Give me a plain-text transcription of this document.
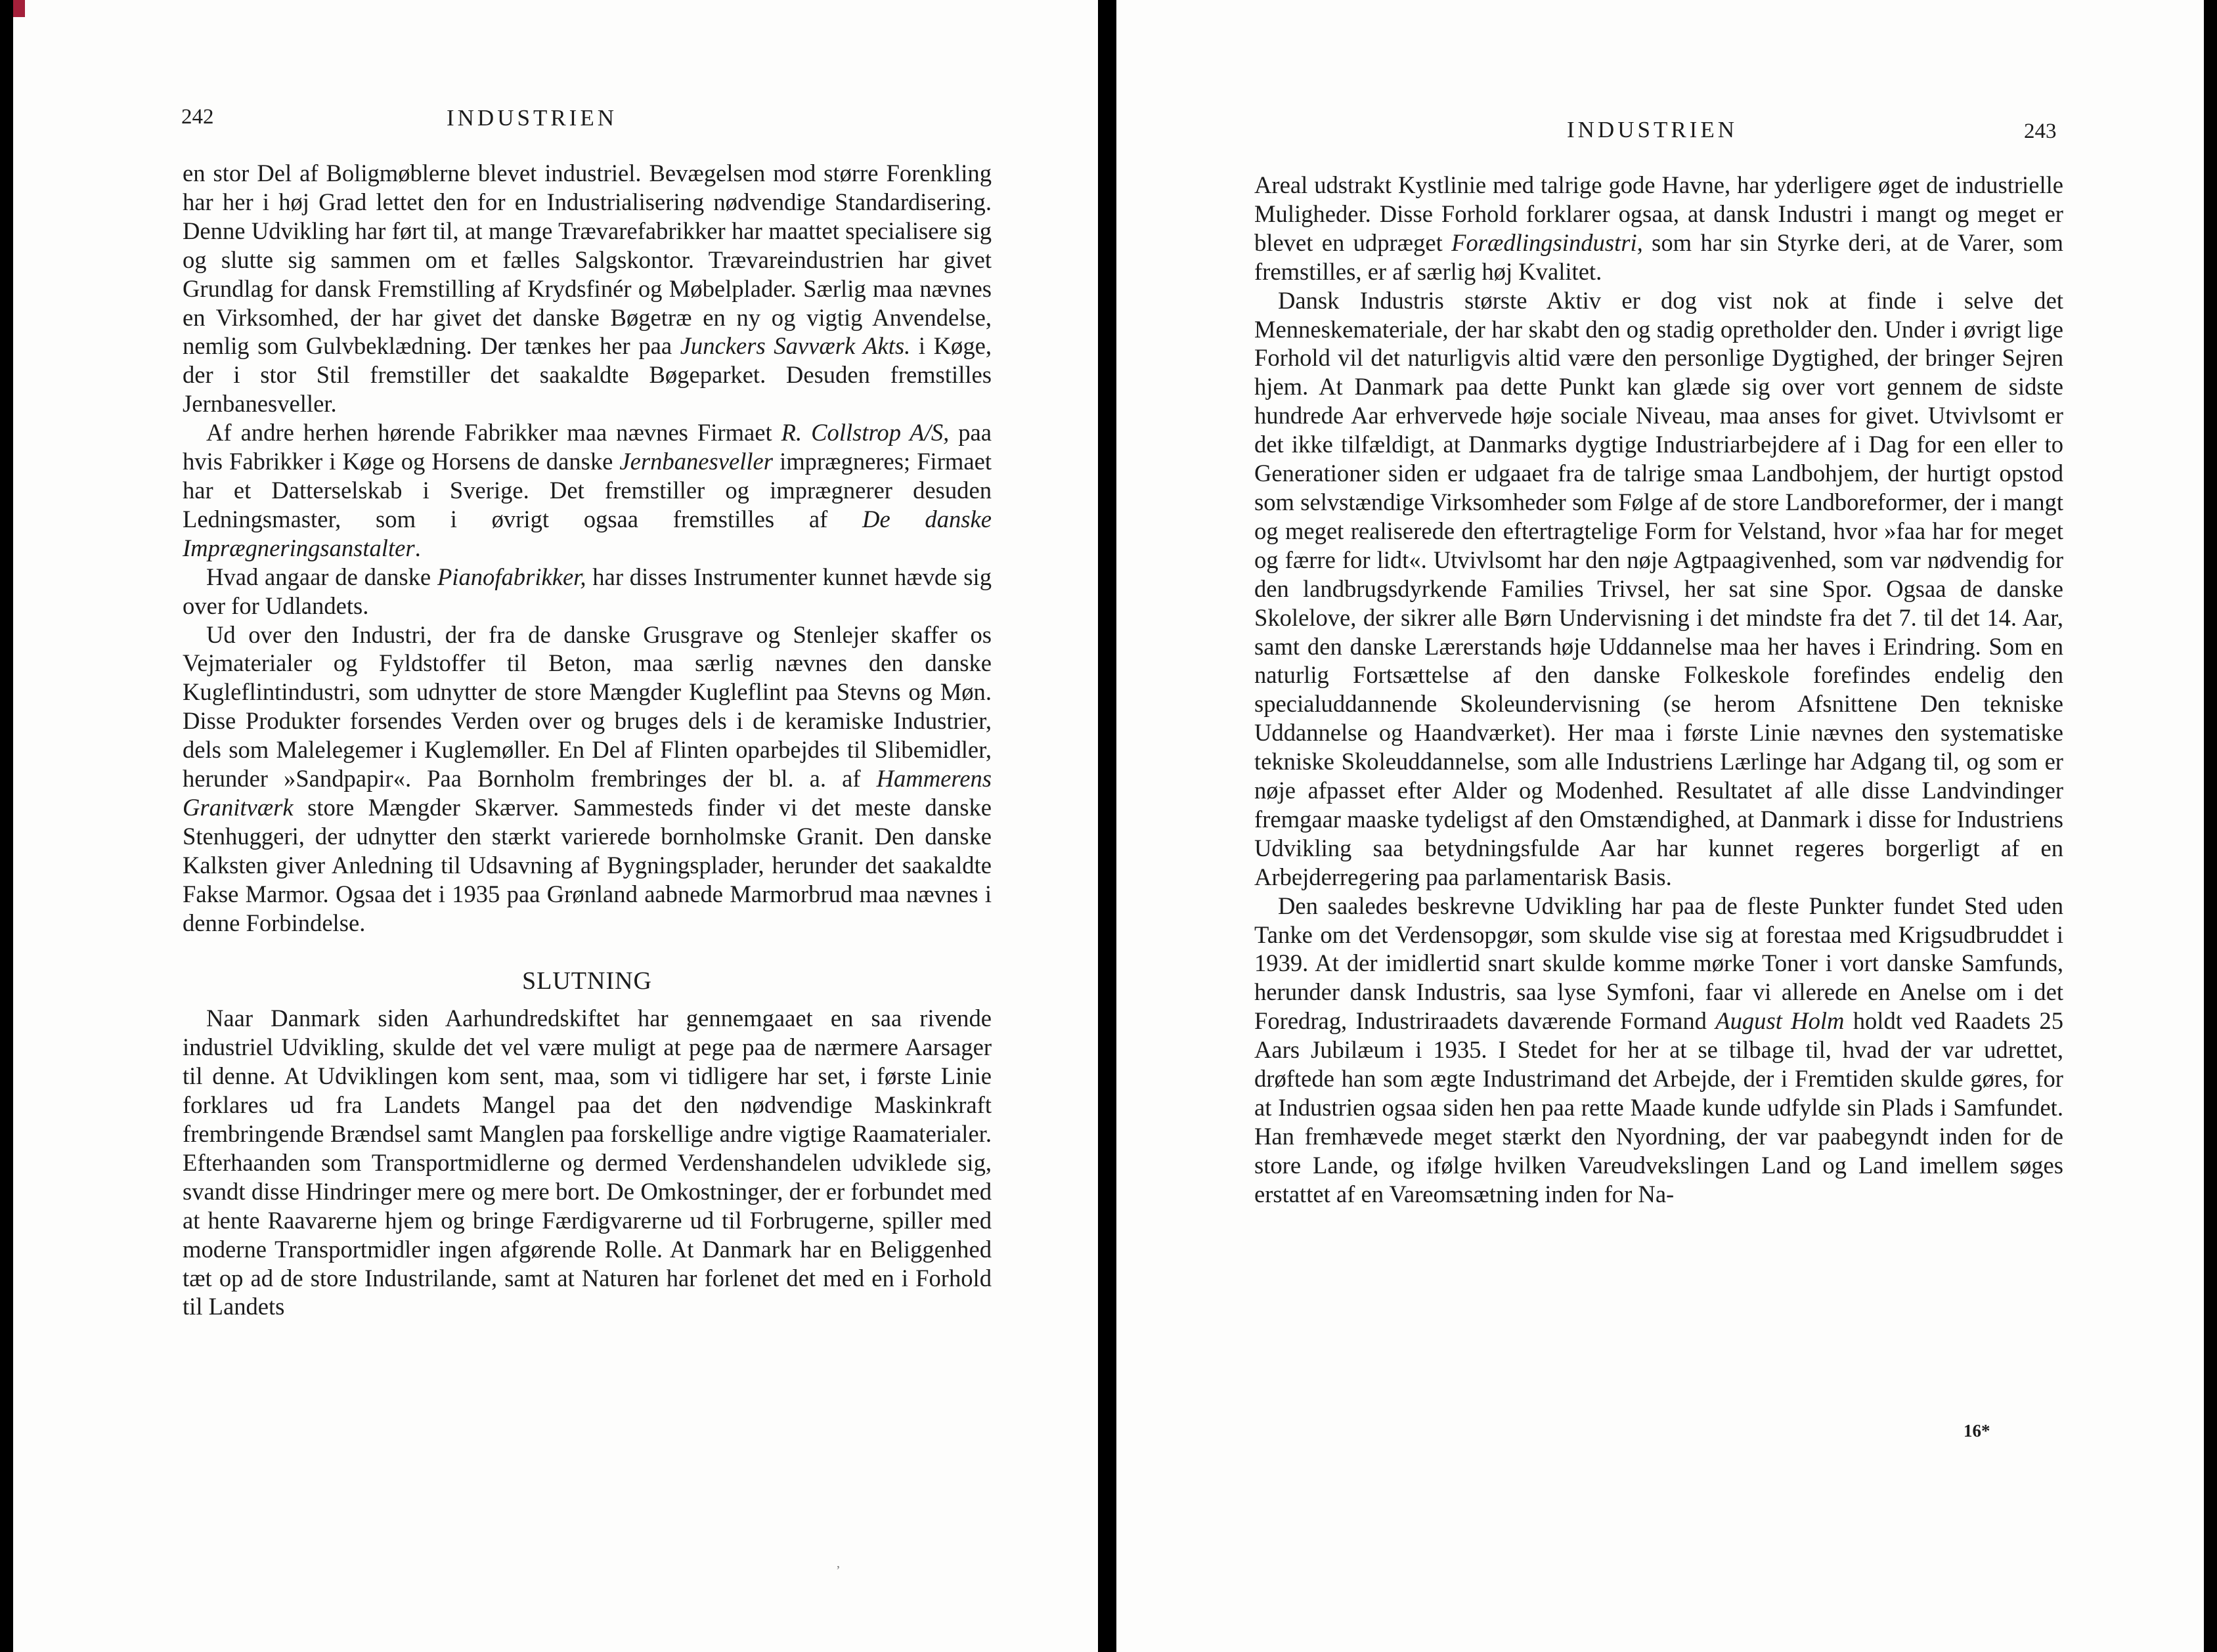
242	INDUSTRIEN

en stor Del af Boligmøblerne blevet industriel. Bevægelsen mod større Forenkling har her i høj Grad lettet den for en Industrialisering nødvendige Standardisering. Denne Udvikling har ført til, at mange Trævarefabrikker har maattet specialisere sig og slutte sig sammen om et fælles Salgskontor. Trævareindustrien har givet Grundlag for dansk Fremstilling af Krydsfinér og Møbelplader. Særlig maa nævnes en Virksomhed, der har givet det danske Bøgetræ en ny og vigtig Anvendelse, nemlig som Gulvbeklædning. Der tænkes her paa Junckers Savværk Akts. i Køge, der i stor Stil fremstiller det saakaldte Bøgeparket. Desuden fremstilles Jernbanesveller.

Af andre herhen hørende Fabrikker maa nævnes Firmaet R. Collstrop A/S, paa hvis Fabrikker i Køge og Horsens de danske Jernbanesveller imprægneres; Firmaet har et Datterselskab i Sverige. Det fremstiller og imprægnerer desuden Ledningsmaster, som i øvrigt ogsaa fremstilles af De danske Imprægneringsanstalter.

Hvad angaar de danske Pianofabrikker, har disses Instrumenter kunnet hævde sig over for Udlandets.

Ud over den Industri, der fra de danske Grusgrave og Stenlejer skaffer os Vejmaterialer og Fyldstoffer til Beton, maa særlig nævnes den danske Kugleflintindustri, som udnytter de store Mængder Kugleflint paa Stevns og Møn. Disse Produkter forsendes Verden over og bruges dels i de keramiske Industrier, dels som Malelegemer i Kuglemøller. En Del af Flinten oparbejdes til Slibemidler, herunder »Sandpapir«. Paa Bornholm frembringes der bl. a. af Hammerens Granitværk store Mængder Skærver. Sammesteds finder vi det meste danske Stenhuggeri, der udnytter den stærkt varierede bornholmske Granit. Den danske Kalksten giver Anledning til Udsavning af Bygningsplader, herunder det saakaldte Fakse Marmor. Ogsaa det i 1935 paa Grønland aabnede Marmorbrud maa nævnes i denne Forbindelse.

SLUTNING

Naar Danmark siden Aarhundredskiftet har gennemgaaet en saa rivende industriel Udvikling, skulde det vel være muligt at pege paa de nærmere Aarsager til denne. At Udviklingen kom sent, maa, som vi tidligere har set, i første Linie forklares ud fra Landets Mangel paa det den nødvendige Maskinkraft frembringende Brændsel samt Manglen paa forskellige andre vigtige Raamaterialer. Efterhaanden som Transportmidlerne og dermed Verdenshandelen udviklede sig, svandt disse Hindringer mere og mere bort. De Omkostninger, der er forbundet med at hente Raavarerne hjem og bringe Færdigvarerne ud til Forbrugerne, spiller med moderne Transportmidler ingen afgørende Rolle. At Danmark har en Beliggenhed tæt op ad de store Industrilande, samt at Naturen har forlenet det med en i Forhold til Landets

,
INDUSTRIEN	243

Areal udstrakt Kystlinie med talrige gode Havne, har yderligere øget de industrielle Muligheder. Disse Forhold forklarer ogsaa, at dansk Industri i mangt og meget er blevet en udpræget Forædlingsindustri, som har sin Styrke deri, at de Varer, som fremstilles, er af særlig høj Kvalitet.

Dansk Industris største Aktiv er dog vist nok at finde i selve det Menneskemateriale, der har skabt den og stadig opretholder den. Under i øvrigt lige Forhold vil det naturligvis altid være den personlige Dygtighed, der bringer Sejren hjem. At Danmark paa dette Punkt kan glæde sig over vort gennem de sidste hundrede Aar erhvervede høje sociale Niveau, maa anses for givet. Utvivlsomt er det ikke tilfældigt, at Danmarks dygtige Industriarbejdere af i Dag for een eller to Generationer siden er udgaaet fra de talrige smaa Landbohjem, der hurtigt opstod som selvstændige Virksomheder som Følge af de store Landboreformer, der i mangt og meget realiserede den eftertragtelige Form for Velstand, hvor »faa har for meget og færre for lidt«. Utvivlsomt har den nøje Agtpaagivenhed, som var nødvendig for den landbrugsdyrkende Families Trivsel, her sat sine Spor. Ogsaa de danske Skolelove, der sikrer alle Børn Undervisning i det mindste fra det 7. til det 14. Aar, samt den danske Lærerstands høje Uddannelse maa her haves i Erindring. Som en naturlig Fortsættelse af den danske Folkeskole forefindes endelig den specialuddannende Skoleundervisning (se herom Afsnittene Den tekniske Uddannelse og Haandværket). Her maa i første Linie nævnes den systematiske tekniske Skoleuddannelse, som alle Industriens Lærlinge har Adgang til, og som er nøje afpasset efter Alder og Modenhed. Resultatet af alle disse Landvindinger fremgaar maaske tydeligst af den Omstændighed, at Danmark i disse for Industriens Udvikling saa betydningsfulde Aar har kunnet regeres borgerligt af en Arbejderregering paa parlamentarisk Basis.

Den saaledes beskrevne Udvikling har paa de fleste Punkter fundet Sted uden Tanke om det Verdensopgør, som skulde vise sig at forestaa med Krigsudbruddet i 1939. At der imidlertid snart skulde komme mørke Toner i vort danske Samfunds, herunder dansk Industris, saa lyse Symfoni, faar vi allerede en Anelse om i det Foredrag, Industriraadets daværende Formand August Holm holdt ved Raadets 25 Aars Jubilæum i 1935. I Stedet for her at se tilbage til, hvad der var udrettet, drøftede han som ægte Industrimand det Arbejde, der i Fremtiden skulde gøres, for at Industrien ogsaa siden hen paa rette Maade kunde udfylde sin Plads i Samfundet. Han fremhævede meget stærkt den Nyordning, der var paabegyndt inden for de store Lande, og ifølge hvilken Vareudvekslingen Land og Land imellem søges erstattet af en Vareomsætning inden for Na-

16*
